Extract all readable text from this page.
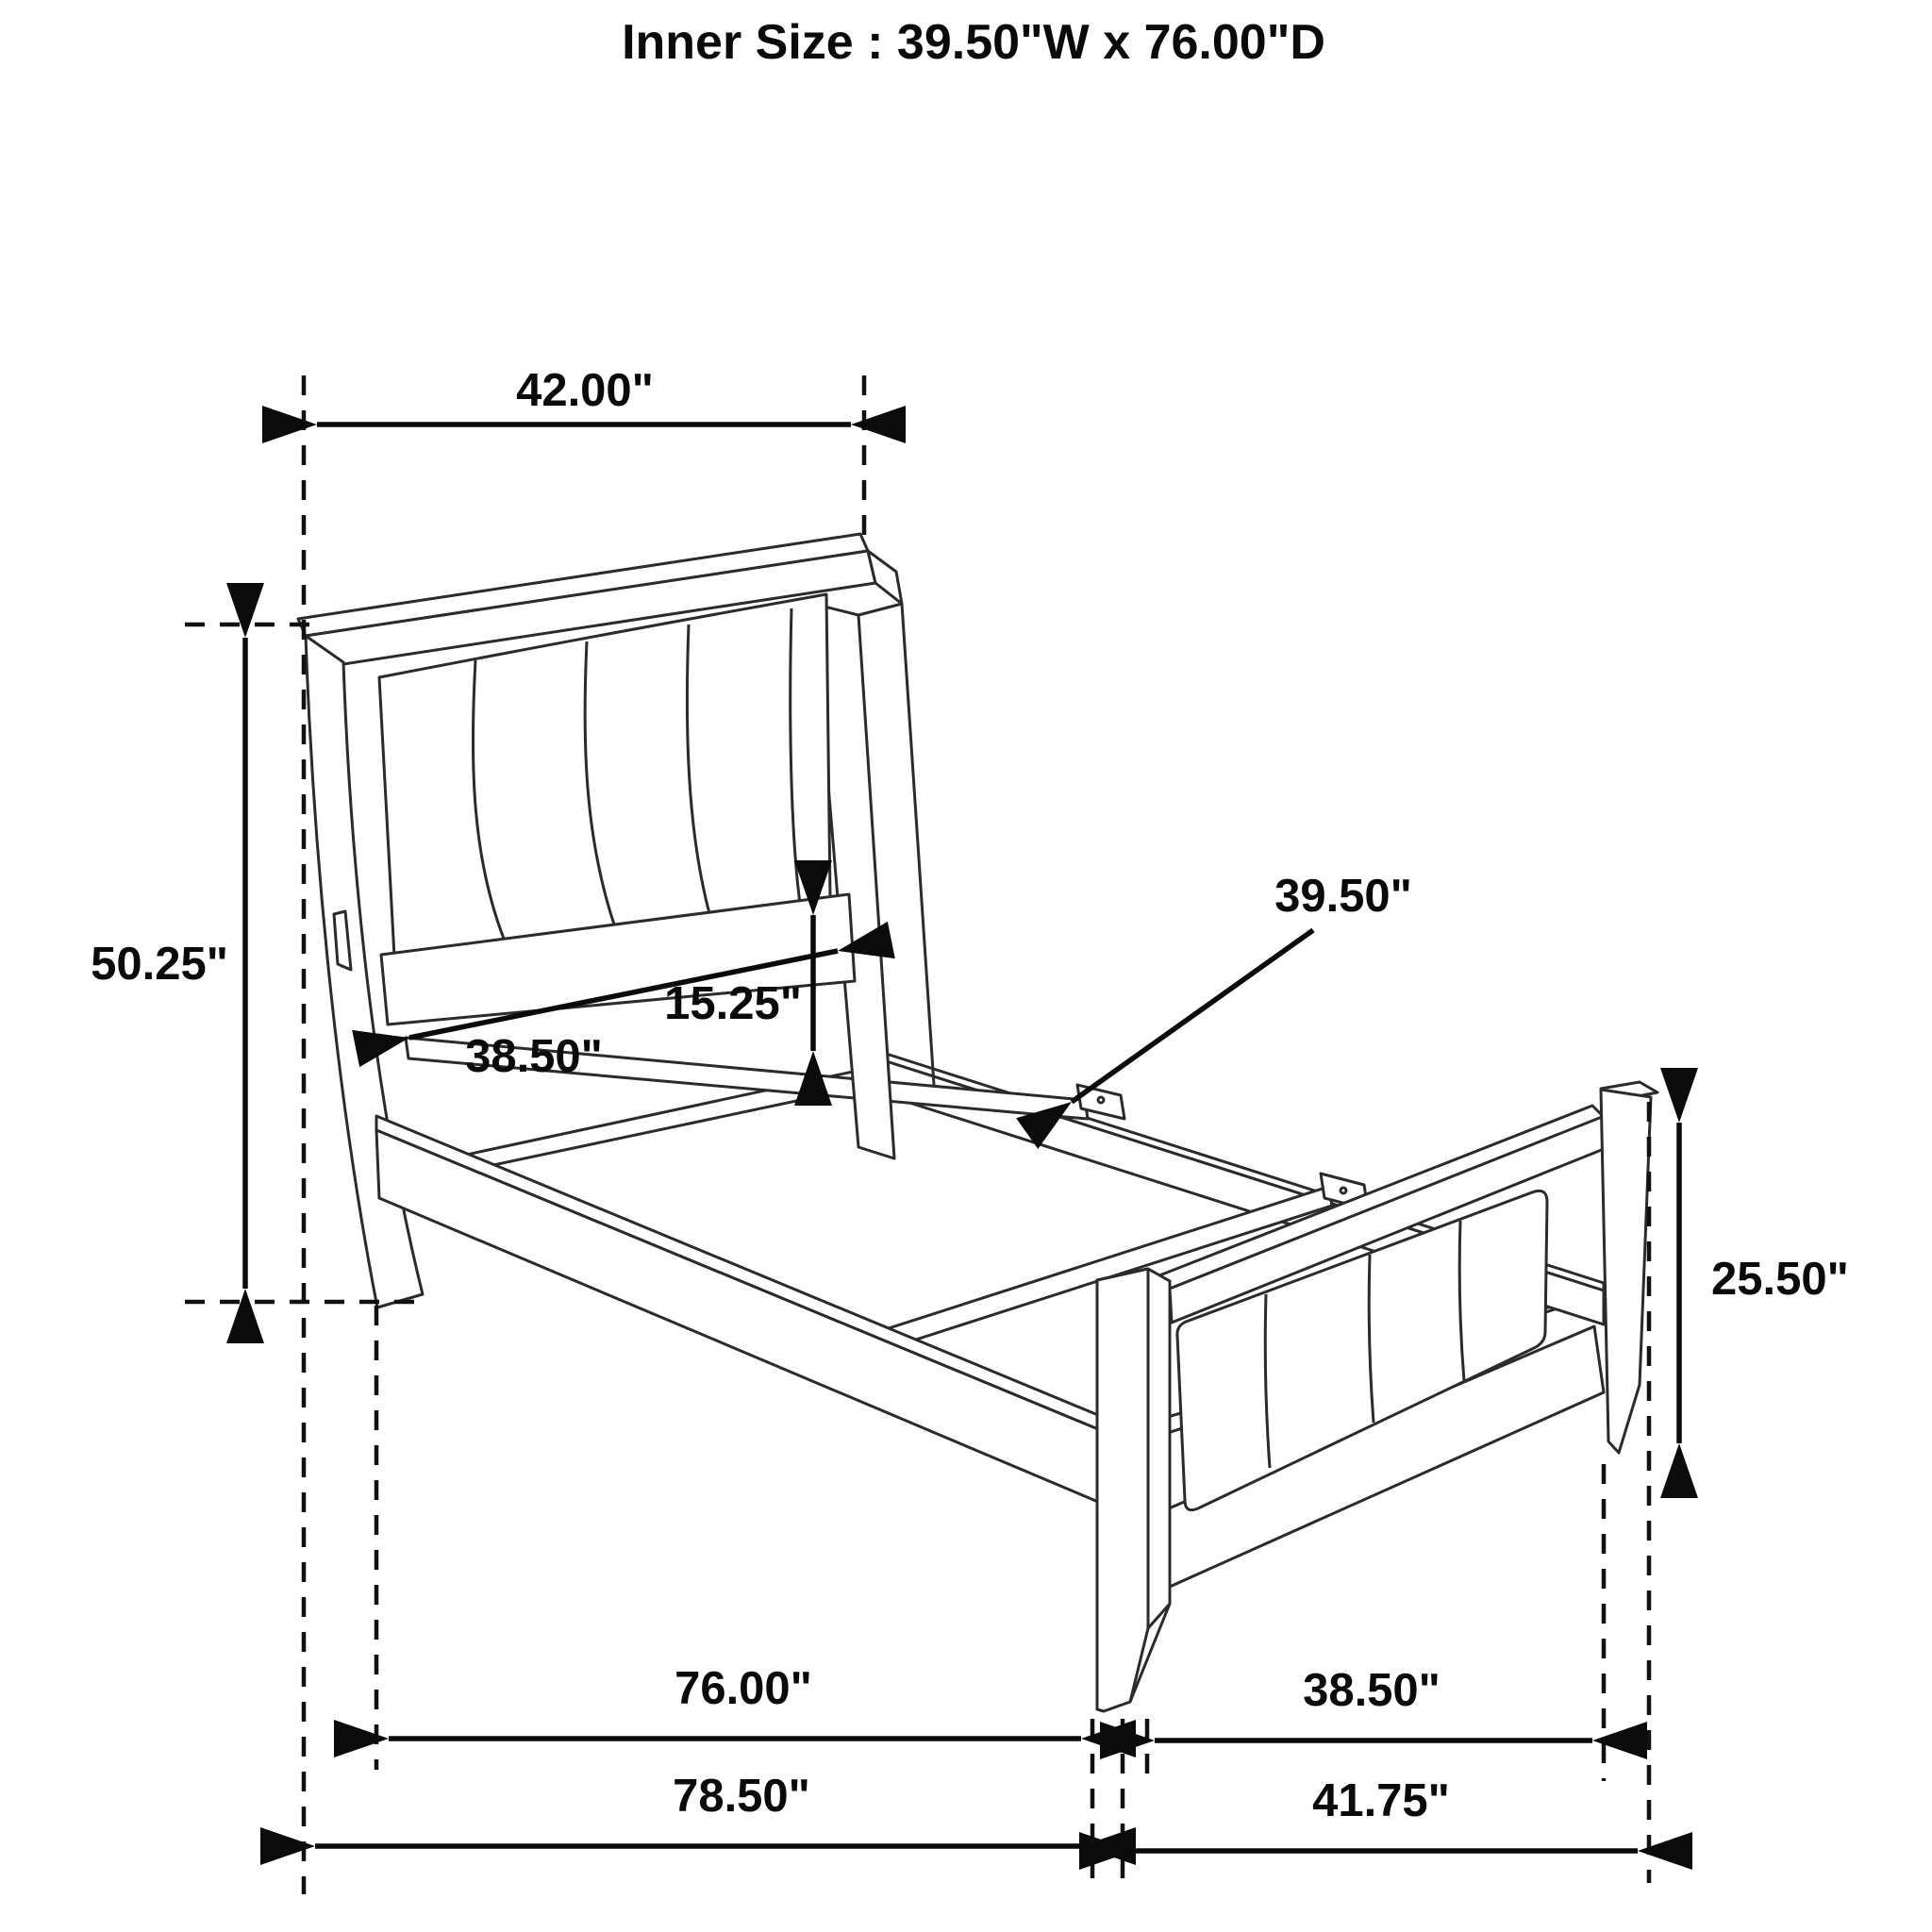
Inner Size : 39.50"W x 76.00"D
42.00"
50.25"
15.25"
38.50"
39.50"
25.50"
76.00"	38.50"
78.50"	41.75"
